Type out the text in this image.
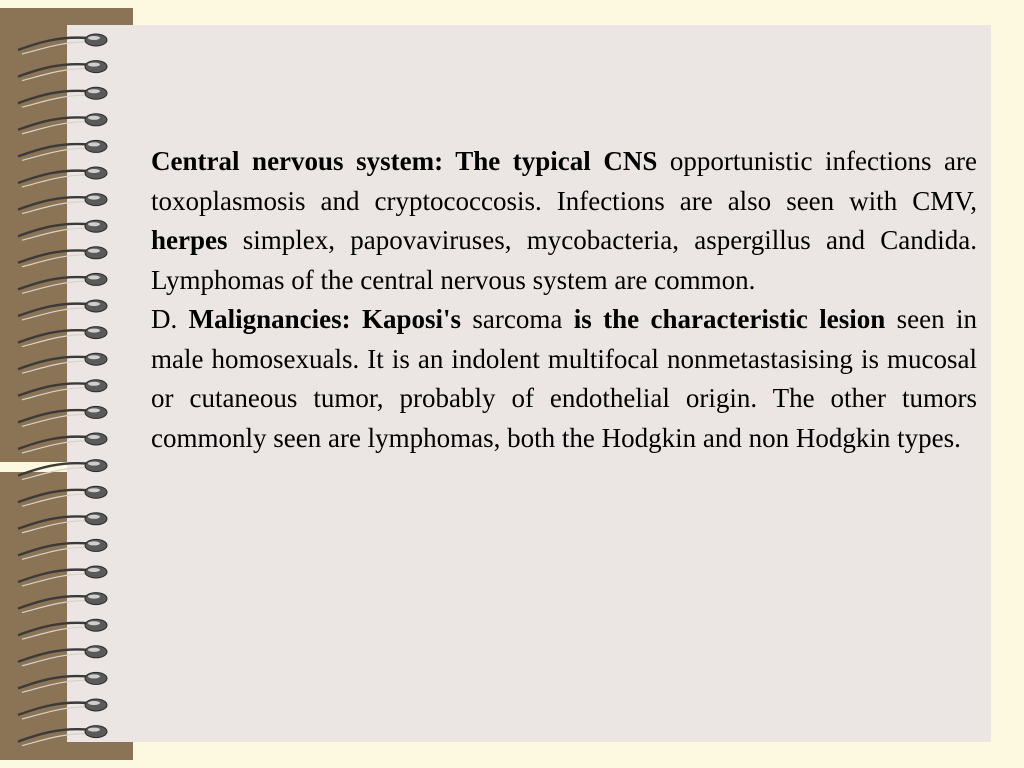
Central nervous system: The typical CNS opportunistic infections are toxoplasmosis and cryptococcosis. Infections are also seen with CMV, herpes simplex, papovaviruses, mycobacteria, aspergillus and Candida. Lymphomas of the central nervous system are common.

D. Malignancies: Kaposi's sarcoma is the characteristic lesion seen in male homosexuals. It is an indolent multifocal nonmetastasising is mucosal or cutaneous tumor, probably of endothelial origin. The other tumors commonly seen are lymphomas, both the Hodgkin and non Hodgkin types.
